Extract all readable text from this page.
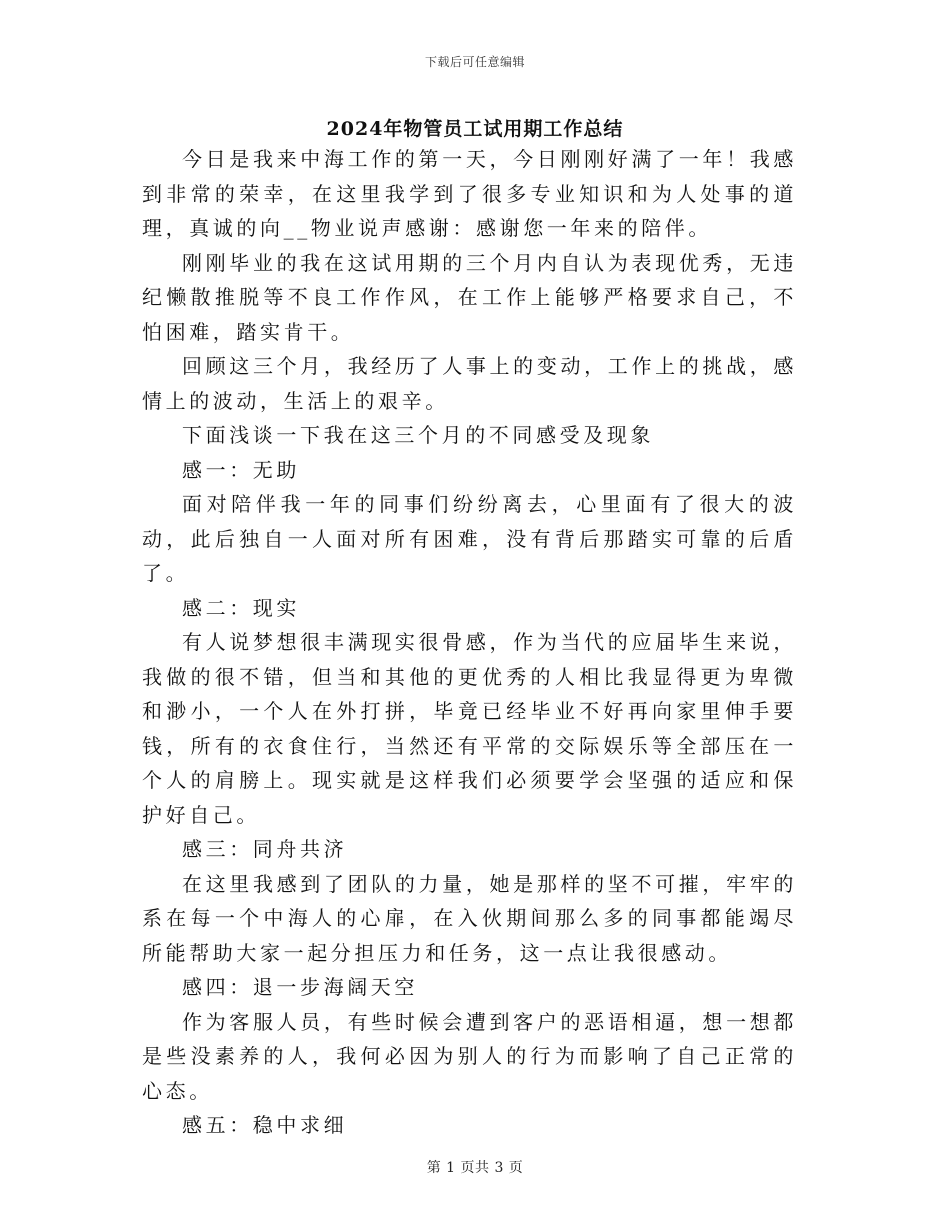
下载后可任意编辑
2024年物管员工试用期工作总结

今日是我来中海工作的第一天，今日刚刚好满了一年！我感到非常的荣幸，在这里我学到了很多专业知识和为人处事的道理，真诚的向__物业说声感谢：感谢您一年来的陪伴。

刚刚毕业的我在这试用期的三个月内自认为表现优秀，无违纪懒散推脱等不良工作作风，在工作上能够严格要求自己，不怕困难，踏实肯干。

回顾这三个月，我经历了人事上的变动，工作上的挑战，感情上的波动，生活上的艰辛。

下面浅谈一下我在这三个月的不同感受及现象

感一：无助

面对陪伴我一年的同事们纷纷离去，心里面有了很大的波动，此后独自一人面对所有困难，没有背后那踏实可靠的后盾了。

感二：现实

有人说梦想很丰满现实很骨感，作为当代的应届毕生来说，我做的很不错，但当和其他的更优秀的人相比我显得更为卑微和渺小，一个人在外打拼，毕竟已经毕业不好再向家里伸手要钱，所有的衣食住行，当然还有平常的交际娱乐等全部压在一个人的肩膀上。现实就是这样我们必须要学会坚强的适应和保护好自己。

感三：同舟共济

在这里我感到了团队的力量，她是那样的坚不可摧，牢牢的系在每一个中海人的心扉，在入伙期间那么多的同事都能竭尽所能帮助大家一起分担压力和任务，这一点让我很感动。

感四：退一步海阔天空

作为客服人员，有些时候会遭到客户的恶语相逼，想一想都是些没素养的人，我何必因为别人的行为而影响了自己正常的心态。

感五：稳中求细

第 1 页共 3 页
